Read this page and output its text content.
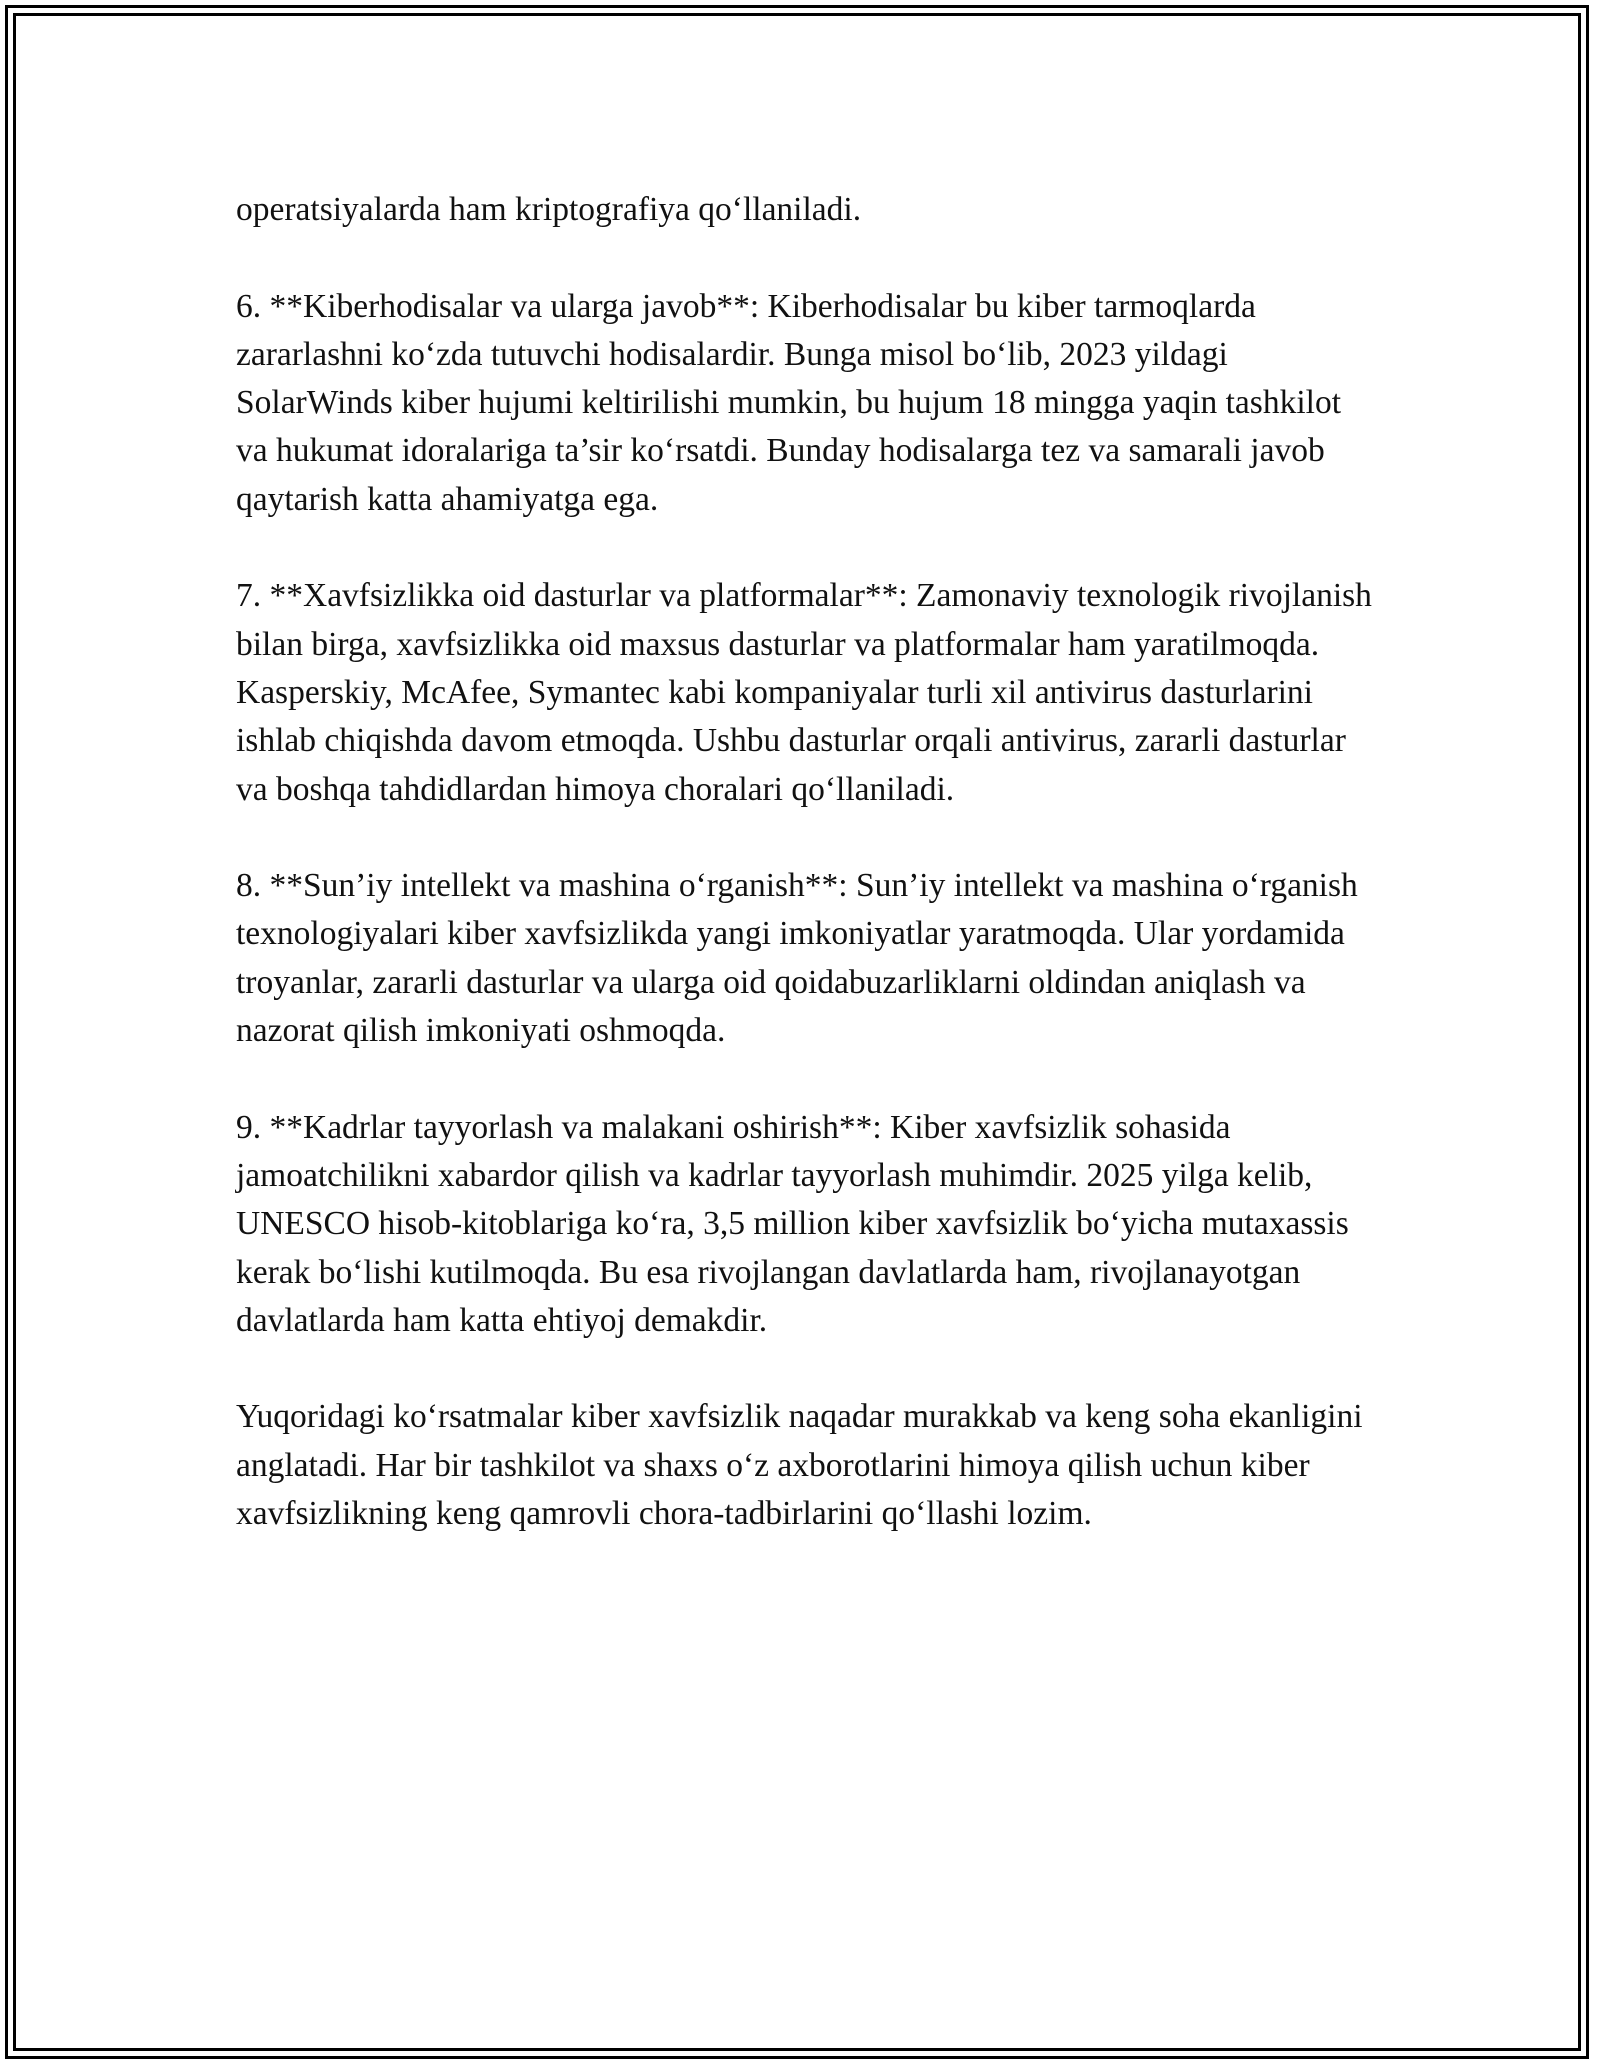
operatsiyalarda ham kriptografiya qo‘llaniladi.

6. **Kiberhodisalar va ularga javob**: Kiberhodisalar bu kiber tarmoqlarda zararlashni ko‘zda tutuvchi hodisalardir. Bunga misol bo‘lib, 2023 yildagi SolarWinds kiber hujumi keltirilishi mumkin, bu hujum 18 mingga yaqin tashkilot va hukumat idoralariga ta’sir ko‘rsatdi. Bunday hodisalarga tez va samarali javob qaytarish katta ahamiyatga ega.

7. **Xavfsizlikka oid dasturlar va platformalar**: Zamonaviy texnologik rivojlanish bilan birga, xavfsizlikka oid maxsus dasturlar va platformalar ham yaratilmoqda. Kasperskiy, McAfee, Symantec kabi kompaniyalar turli xil antivirus dasturlarini ishlab chiqishda davom etmoqda. Ushbu dasturlar orqali antivirus, zararli dasturlar va boshqa tahdidlardan himoya choralari qo‘llaniladi.

8. **Sun’iy intellekt va mashina o‘rganish**: Sun’iy intellekt va mashina o‘rganish texnologiyalari kiber xavfsizlikda yangi imkoniyatlar yaratmoqda. Ular yordamida troyanlar, zararli dasturlar va ularga oid qoidabuzarliklarni oldindan aniqlash va nazorat qilish imkoniyati oshmoqda.

9. **Kadrlar tayyorlash va malakani oshirish**: Kiber xavfsizlik sohasida jamoatchilikni xabardor qilish va kadrlar tayyorlash muhimdir. 2025 yilga kelib, UNESCO hisob-kitoblariga ko‘ra, 3,5 million kiber xavfsizlik bo‘yicha mutaxassis kerak bo‘lishi kutilmoqda. Bu esa rivojlangan davlatlarda ham, rivojlanayotgan davlatlarda ham katta ehtiyoj demakdir.

Yuqoridagi ko‘rsatmalar kiber xavfsizlik naqadar murakkab va keng soha ekanligini anglatadi. Har bir tashkilot va shaxs o‘z axborotlarini himoya qilish uchun kiber xavfsizlikning keng qamrovli chora-tadbirlarini qo‘llashi lozim.
